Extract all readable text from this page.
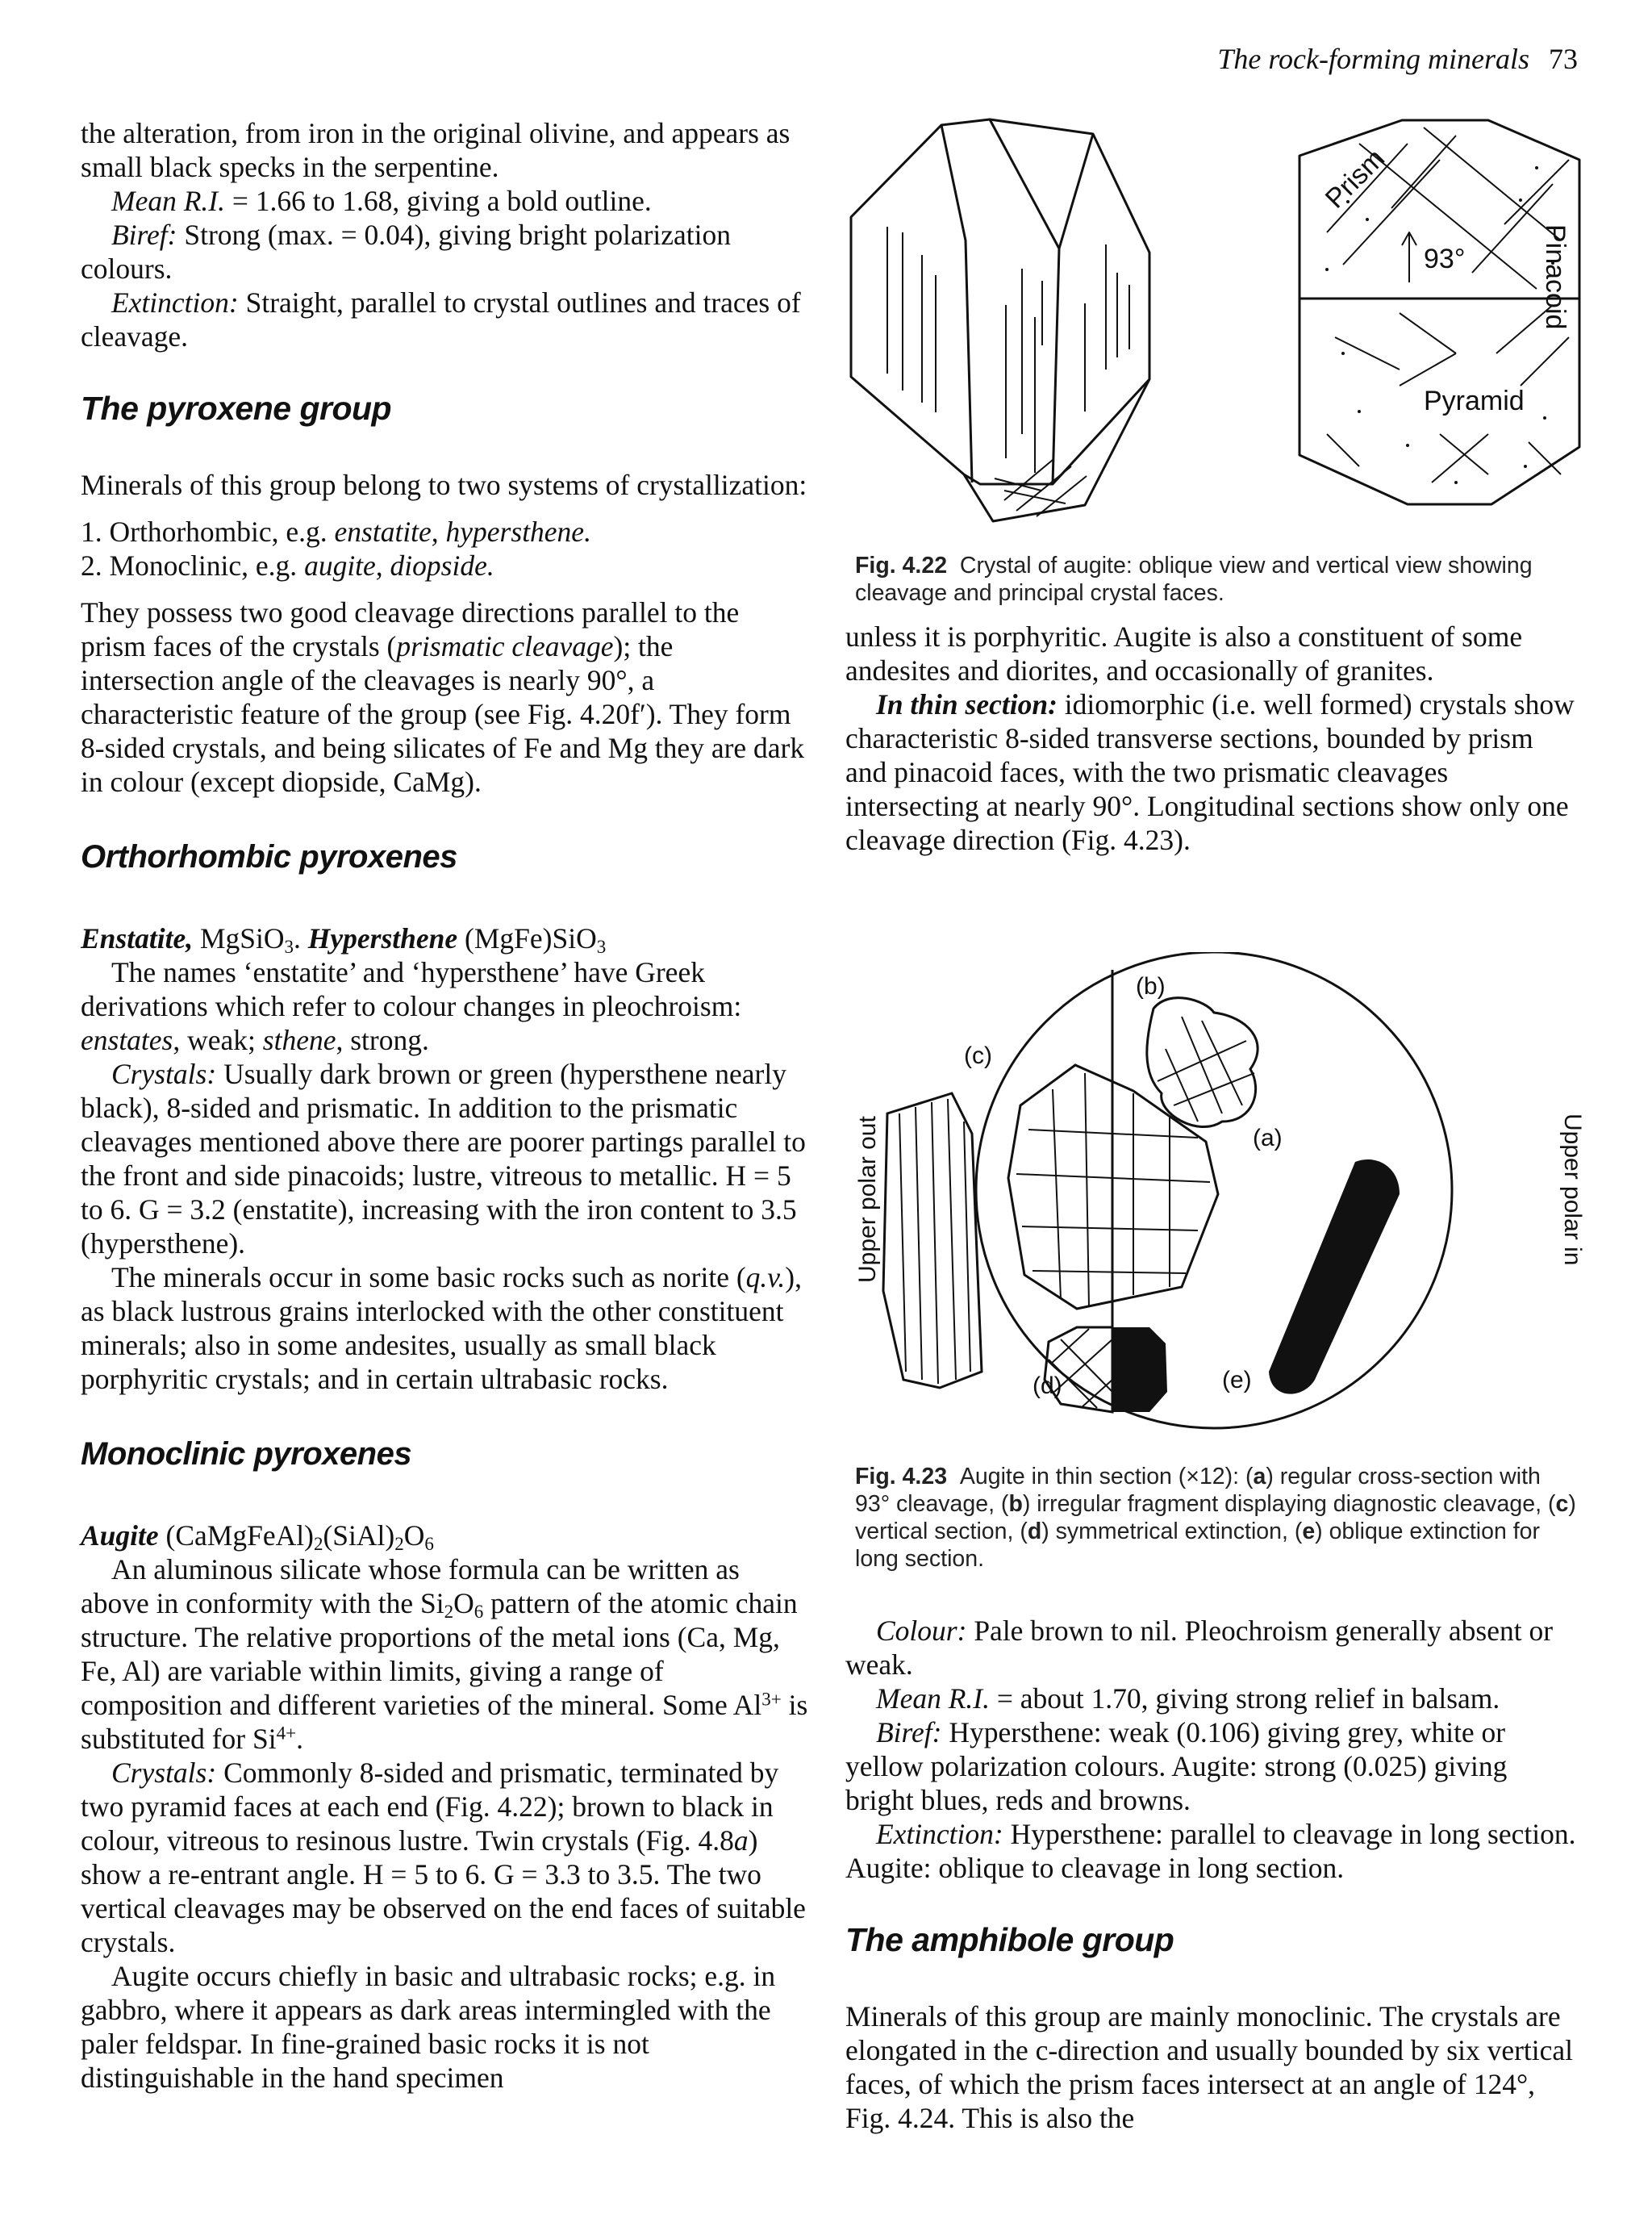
The rock-forming minerals 73

the alteration, from iron in the original olivine, and appears as small black specks in the serpentine.

Mean R.I. = 1.66 to 1.68, giving a bold outline.

Biref: Strong (max. = 0.04), giving bright polarization colours.

Extinction: Straight, parallel to crystal outlines and traces of cleavage.

The pyroxene group

Minerals of this group belong to two systems of crystallization:

1. Orthorhombic, e.g. enstatite, hypersthene.
2. Monoclinic, e.g. augite, diopside.

They possess two good cleavage directions parallel to the prism faces of the crystals (prismatic cleavage); the intersection angle of the cleavages is nearly 90°, a characteristic feature of the group (see Fig. 4.20f′). They form 8-sided crystals, and being silicates of Fe and Mg they are dark in colour (except diopside, CaMg).

Orthorhombic pyroxenes

Enstatite, MgSiO$_3$. Hypersthene (MgFe)SiO$_3$

The names ‘enstatite’ and ‘hypersthene’ have Greek derivations which refer to colour changes in pleochroism: enstates, weak; sthene, strong.

Crystals: Usually dark brown or green (hypersthene nearly black), 8-sided and prismatic. In addition to the prismatic cleavages mentioned above there are poorer partings parallel to the front and side pinacoids; lustre, vitreous to metallic. H = 5 to 6. G = 3.2 (enstatite), increasing with the iron content to 3.5 (hypersthene).

The minerals occur in some basic rocks such as norite (q.v.), as black lustrous grains interlocked with the other constituent minerals; also in some andesites, usually as small black porphyritic crystals; and in certain ultrabasic rocks.

Monoclinic pyroxenes

Augite $(CaMgFeAl)_2(SiAl)_2O_6$

An aluminous silicate whose formula can be written as above in conformity with the $Si_2O_6$ pattern of the atomic chain structure. The relative proportions of the metal ions (Ca, Mg, Fe, Al) are variable within limits, giving a range of composition and different varieties of the mineral. Some $Al^{3+}$ is substituted for $Si^{4+}$.

Crystals: Commonly 8-sided and prismatic, terminated by two pyramid faces at each end (Fig. 4.22); brown to black in colour, vitreous to resinous lustre. Twin crystals (Fig. 4.8a) show a re-entrant angle. H = 5 to 6. G = 3.3 to 3.5. The two vertical cleavages may be observed on the end faces of suitable crystals.

Augite occurs chiefly in basic and ultrabasic rocks; e.g. in gabbro, where it appears as dark areas intermingled with the paler feldspar. In fine-grained basic rocks it is not distinguishable in the hand specimen

Prism
93°	Pinacoid
Pyramid
Fig. 4.22 Crystal of augite: oblique view and vertical view showing cleavage and principal crystal faces.

unless it is porphyritic. Augite is also a constituent of some andesites and diorites, and occasionally of granites.

In thin section: idiomorphic (i.e. well formed) crystals show characteristic 8-sided transverse sections, bounded by prism and pinacoid faces, with the two prismatic cleavages intersecting at nearly 90°. Longitudinal sections show only one cleavage direction (Fig. 4.23).

(b)
(c)
(a)
(d)	(e)
Upper polar out	Upper polar in
Fig. 4.23 Augite in thin section (×12): (a) regular cross-section with 93° cleavage, (b) irregular fragment displaying diagnostic cleavage, (c) vertical section, (d) symmetrical extinction, (e) oblique extinction for long section.

Colour: Pale brown to nil. Pleochroism generally absent or weak.

Mean R.I. = about 1.70, giving strong relief in balsam.

Biref: Hypersthene: weak (0.106) giving grey, white or yellow polarization colours. Augite: strong (0.025) giving bright blues, reds and browns.

Extinction: Hypersthene: parallel to cleavage in long section. Augite: oblique to cleavage in long section.

The amphibole group

Minerals of this group are mainly monoclinic. The crystals are elongated in the c-direction and usually bounded by six vertical faces, of which the prism faces intersect at an angle of 124°, Fig. 4.24. This is also the
